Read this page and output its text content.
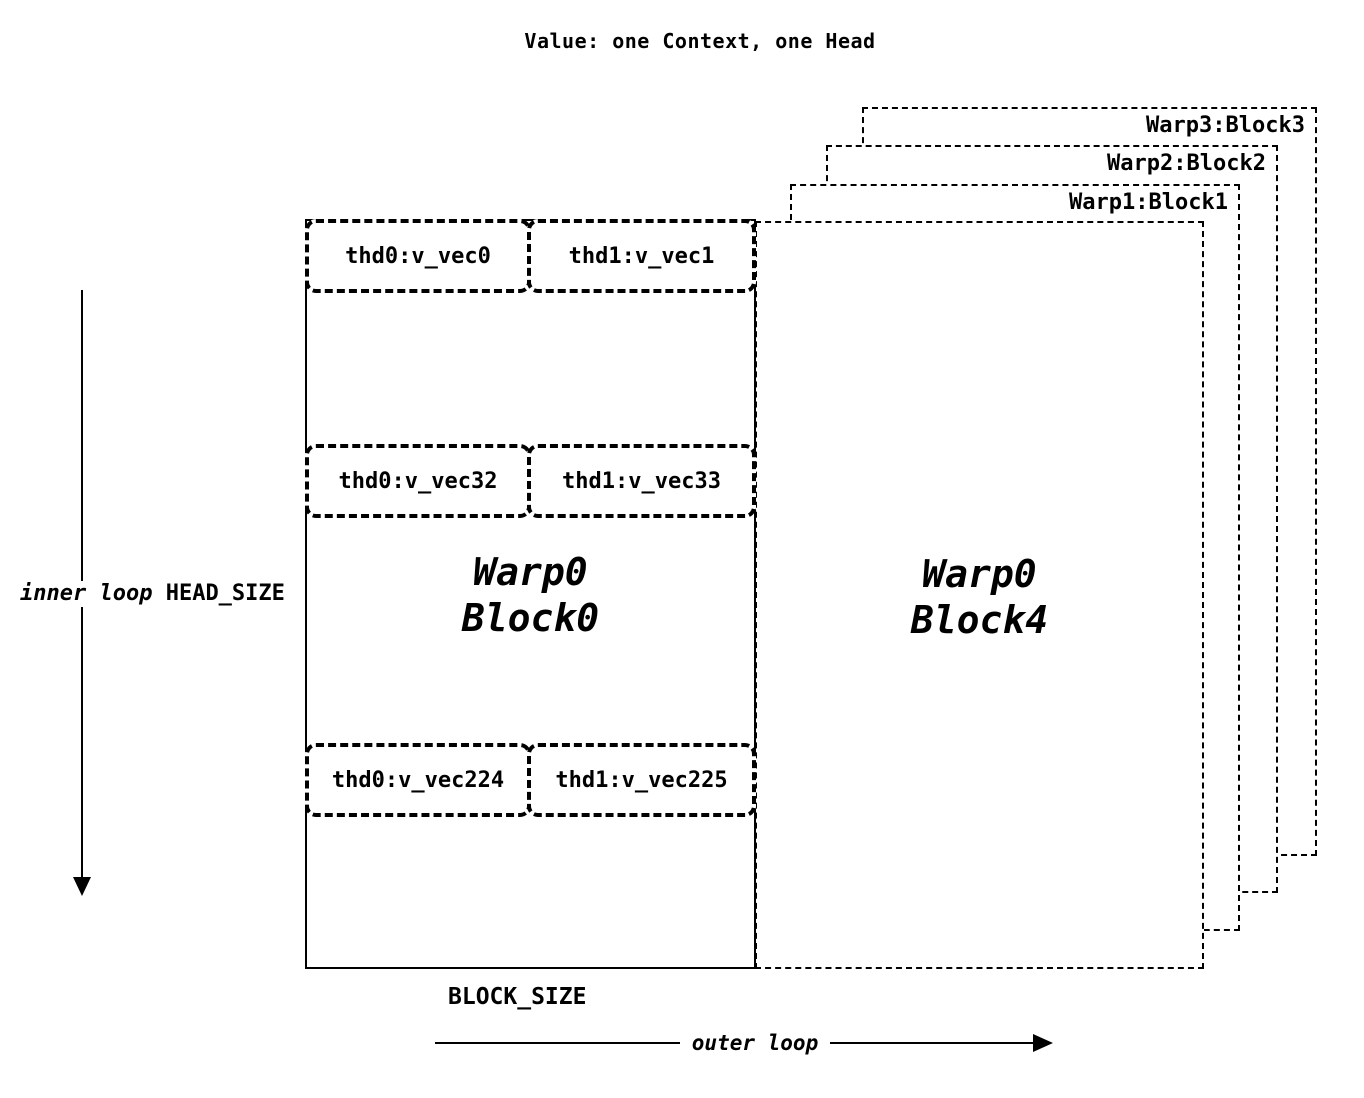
Value: one Context, one Head
Warp3:Block3
Warp2:Block2
Warp1:Block1
Warp0
Block4
Warp0
Block0
thd0:v_vec0	thd1:v_vec1
thd0:v_vec32	thd1:v_vec33
thd0:v_vec224 thd1:v_vec225
inner loop HEAD_SIZE
BLOCK_SIZE
outer loop
